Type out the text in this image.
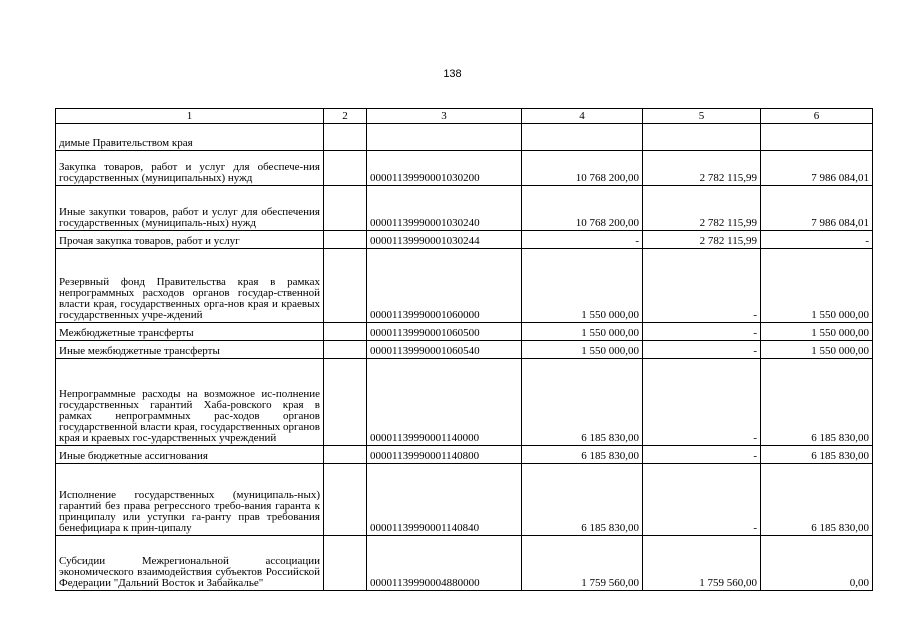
138
1	2	3	4	5	6
димые Правительством края					
Закупка товаров, работ и услуг для обеспече-ния государственных (муниципальных) нужд		00001139990001030200	10 768 200,00	2 782 115,99	7 986 084,01
Иные закупки товаров, работ и услуг для обеспечения государственных (муниципаль-ных) нужд		00001139990001030240	10 768 200,00	2 782 115,99	7 986 084,01
Прочая закупка товаров, работ и услуг		00001139990001030244	-	2 782 115,99	-
Резервный фонд Правительства края в рамках непрограммных расходов органов государ-ственной власти края, государственных орга-нов края и краевых государственных учре-ждений		00001139990001060000	1 550 000,00	-	1 550 000,00
Межбюджетные трансферты		00001139990001060500	1 550 000,00	-	1 550 000,00
Иные межбюджетные трансферты		00001139990001060540	1 550 000,00	-	1 550 000,00
Непрограммные расходы на возможное ис-полнение государственных гарантий Хаба-ровского края в рамках непрограммных рас-ходов органов государственной власти края, государственных органов края и краевых гос-ударственных учреждений		00001139990001140000	6 185 830,00	-	6 185 830,00
Иные бюджетные ассигнования		00001139990001140800	6 185 830,00	-	6 185 830,00
Исполнение государственных (муниципаль-ных) гарантий без права регрессного требо-вания гаранта к принципалу или уступки га-ранту прав требования бенефициара к прин-ципалу		00001139990001140840	6 185 830,00	-	6 185 830,00
Субсидии Межрегиональной ассоциации экономического взаимодействия субъектов Российской Федерации "Дальний Восток и Забайкалье"		00001139990004880000	1 759 560,00	1 759 560,00	0,00
